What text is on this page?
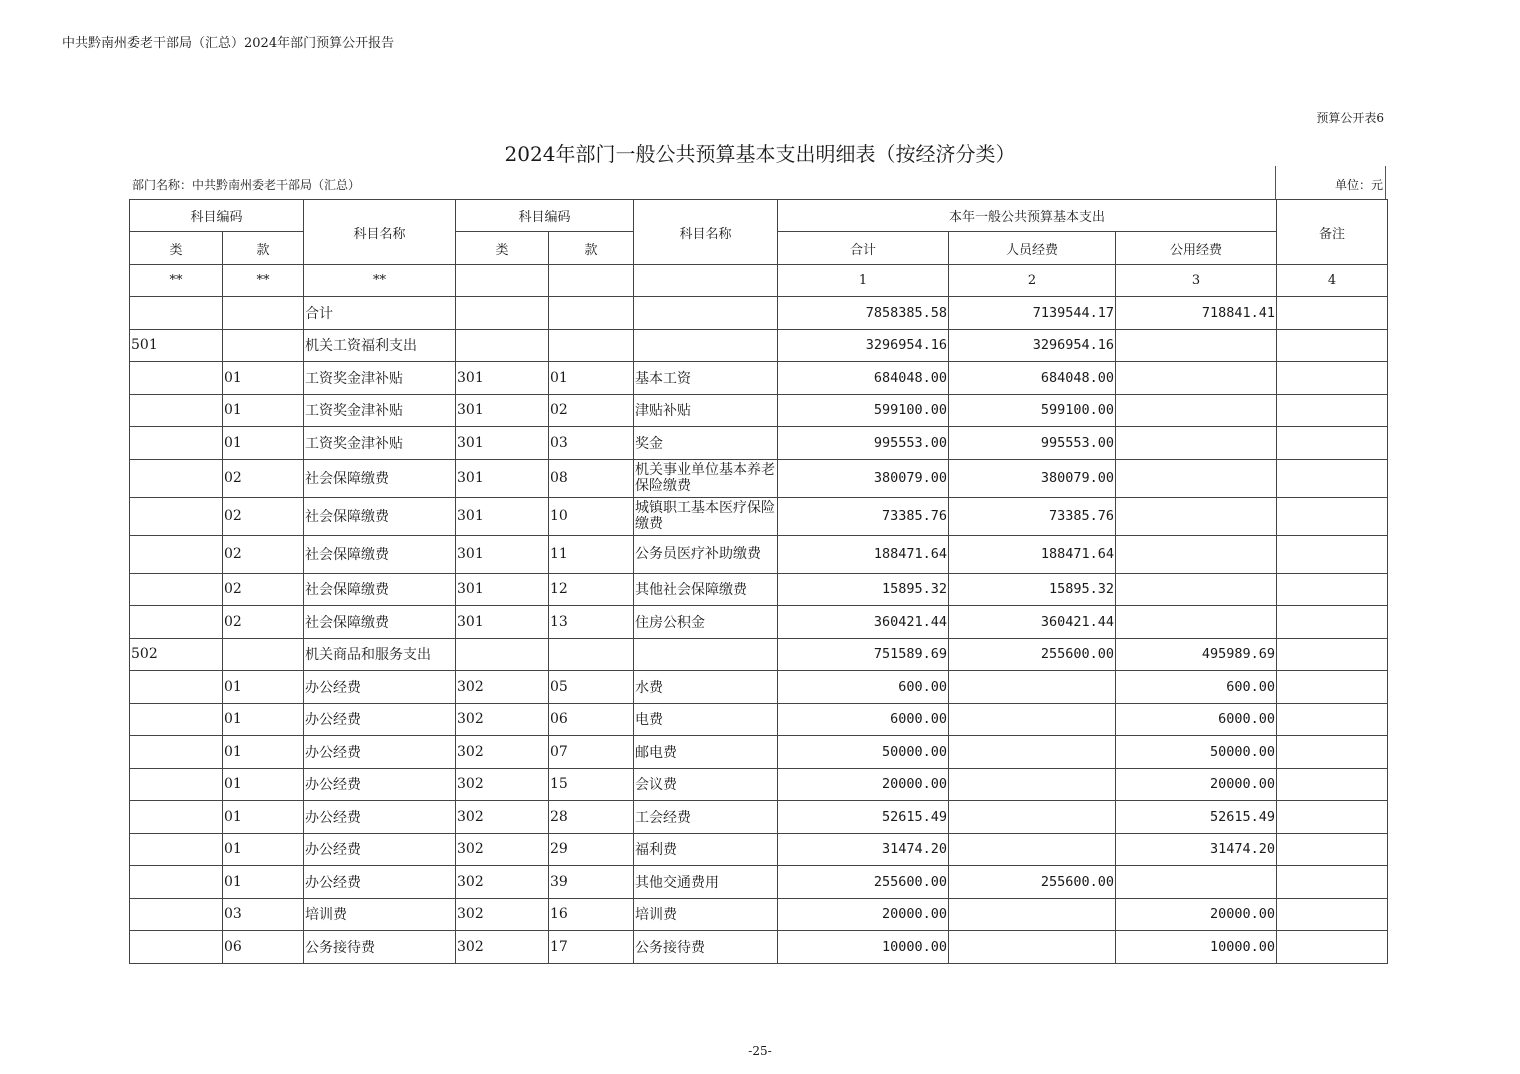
中共黔南州委老干部局（汇总）2024年部门预算公开报告
预算公开表6
2024年部门一般公共预算基本支出明细表（按经济分类）
部门名称：中共黔南州委老干部局（汇总）	单位：元
科目编码		科目名称	科目编码		科目名称	本年一般公共预算基本支出			备注
类	款		类	款		合计	人员经费	公用经费	
**	**	**				1	2	3	4
		合计				7858385.58	7139544.17	718841.41	
501		机关工资福利支出				3296954.16	3296954.16		
	01	工资奖金津补贴	301	01	基本工资	684048.00	684048.00		
	01	工资奖金津补贴	301	02	津贴补贴	599100.00	599100.00		
	01	工资奖金津补贴	301	03	奖金	995553.00	995553.00		
	02	社会保障缴费	301	08	机关事业单位基本养老保险缴费	380079.00	380079.00		
	02	社会保障缴费	301	10	城镇职工基本医疗保险缴费	73385.76	73385.76		
	02	社会保障缴费	301	11	公务员医疗补助缴费	188471.64	188471.64		
	02	社会保障缴费	301	12	其他社会保障缴费	15895.32	15895.32		
	02	社会保障缴费	301	13	住房公积金	360421.44	360421.44		
502		机关商品和服务支出				751589.69	255600.00	495989.69	
	01	办公经费	302	05	水费	600.00		600.00	
	01	办公经费	302	06	电费	6000.00		6000.00	
	01	办公经费	302	07	邮电费	50000.00		50000.00	
	01	办公经费	302	15	会议费	20000.00		20000.00	
	01	办公经费	302	28	工会经费	52615.49		52615.49	
	01	办公经费	302	29	福利费	31474.20		31474.20	
	01	办公经费	302	39	其他交通费用	255600.00	255600.00		
	03	培训费	302	16	培训费	20000.00		20000.00	
	06	公务接待费	302	17	公务接待费	10000.00		10000.00	
-25-
